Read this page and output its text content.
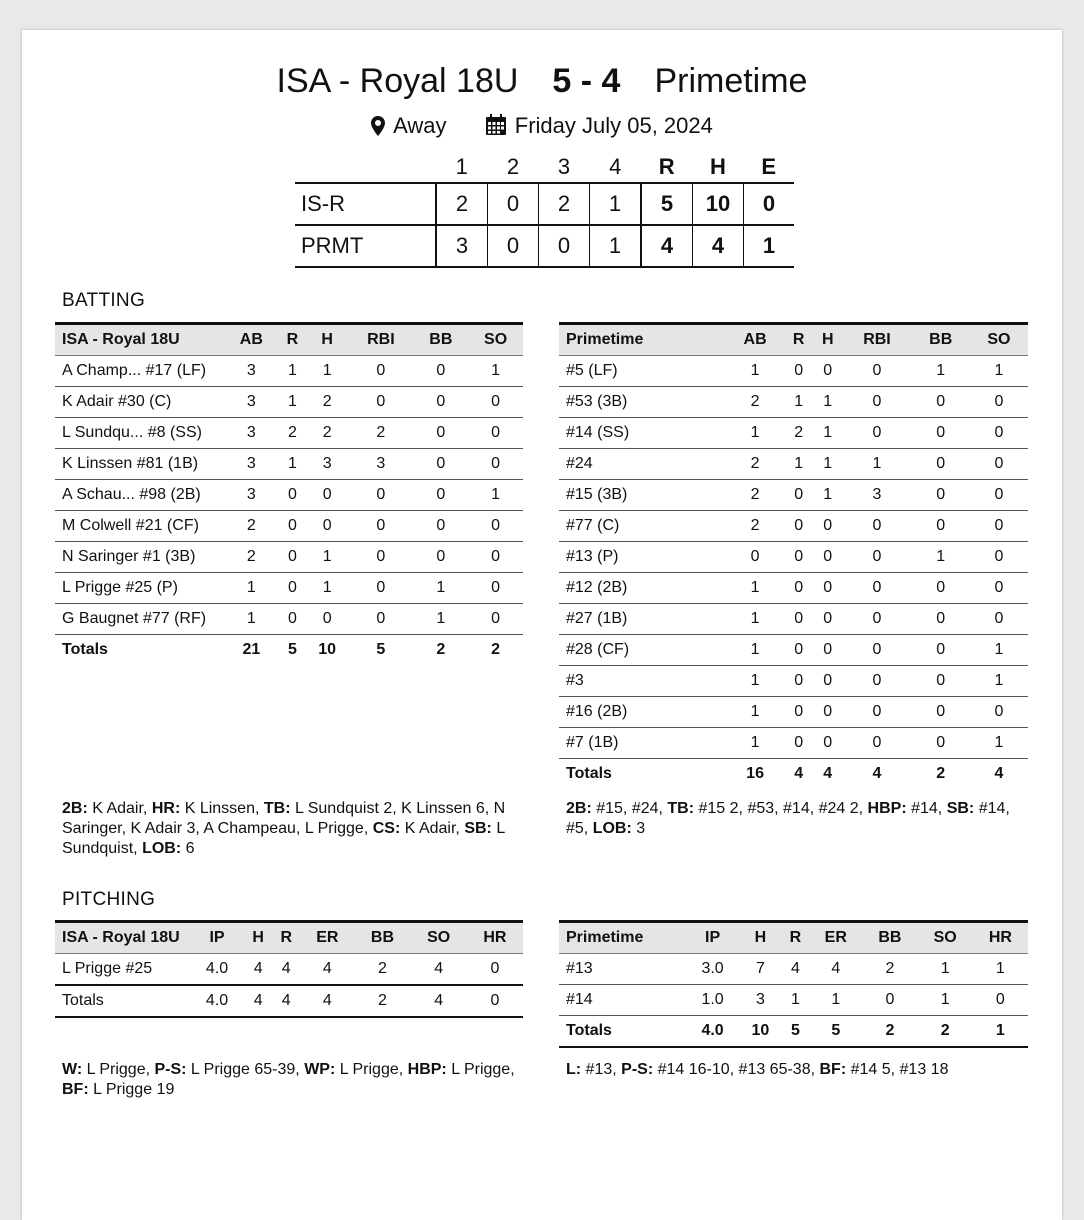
ISA - Royal 18U 5 - 4 Primetime
Away	Friday July 05, 2024
	1	2	3	4	R	H	E
IS-R	2	0	2	1	5	10	0
PRMT	3	0	0	1	4	4	1
BATTING
ISA - Royal 18U	AB	R	H	RBI	BB	SO
A Champ... #17 (LF)	3	1	1	0	0	1
K Adair #30 (C)	3	1	2	0	0	0
L Sundqu... #8 (SS)	3	2	2	2	0	0
K Linssen #81 (1B)	3	1	3	3	0	0
A Schau... #98 (2B)	3	0	0	0	0	1
M Colwell #21 (CF)	2	0	0	0	0	0
N Saringer #1 (3B)	2	0	1	0	0	0
L Prigge #25 (P)	1	0	1	0	1	0
G Baugnet #77 (RF)	1	0	0	0	1	0
Totals	21	5	10	5	2	2
Primetime	AB	R	H	RBI	BB	SO
#5 (LF)	1	0	0	0	1	1
#53 (3B)	2	1	1	0	0	0
#14 (SS)	1	2	1	0	0	0
#24	2	1	1	1	0	0
#15 (3B)	2	0	1	3	0	0
#77 (C)	2	0	0	0	0	0
#13 (P)	0	0	0	0	1	0
#12 (2B)	1	0	0	0	0	0
#27 (1B)	1	0	0	0	0	0
#28 (CF)	1	0	0	0	0	1
#3	1	0	0	0	0	1
#16 (2B)	1	0	0	0	0	0
#7 (1B)	1	0	0	0	0	1
Totals	16	4	4	4	2	4
2B: K Adair, HR: K Linssen, TB: L Sundquist 2, K Linssen 6, N Saringer, K Adair 3, A Champeau, L Prigge, CS: K Adair, SB: L Sundquist, LOB: 6
2B: #15, #24, TB: #15 2, #53, #14, #24 2, HBP: #14, SB: #14, #5, LOB: 3
PITCHING
ISA - Royal 18U	IP	H	R	ER	BB	SO	HR
L Prigge #25	4.0	4	4	4	2	4	0
Totals	4.0	4	4	4	2	4	0
Primetime	IP	H	R	ER	BB	SO	HR
#13	3.0	7	4	4	2	1	1
#14	1.0	3	1	1	0	1	0
Totals	4.0	10	5	5	2	2	1
W: L Prigge, P-S: L Prigge 65-39, WP: L Prigge, HBP: L Prigge, BF: L Prigge 19
L: #13, P-S: #14 16-10, #13 65-38, BF: #14 5, #13 18
